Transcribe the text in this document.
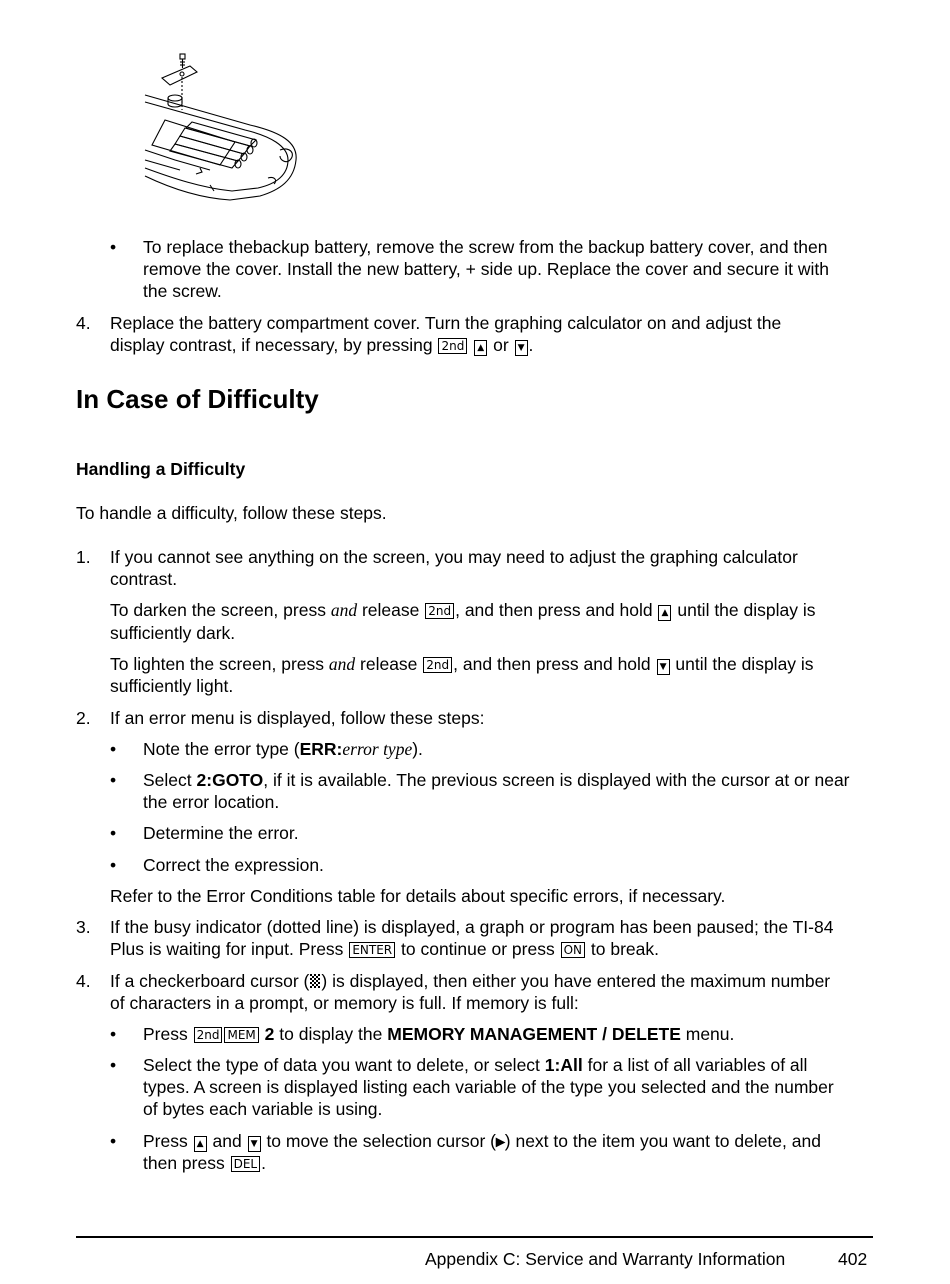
• To replace thebackup battery, remove the screw from the backup battery cover, and then
remove the cover. Install the new battery, + side up. Replace the cover and secure it with
the screw.
4. Replace the battery compartment cover. Turn the graphing calculator on and adjust the
display contrast, if necessary, by pressing 2nd ▲ or ▼ .
In Case of Difficulty
Handling a Difficulty
To handle a difficulty, follow these steps.
1. If you cannot see anything on the screen, you may need to adjust the graphing calculator
contrast.
To darken the screen, press and release 2nd , and then press and hold ▲ until the display is
sufficiently dark.
To lighten the screen, press and release 2nd , and then press and hold ▼ until the display is
sufficiently light.
2. If an error menu is displayed, follow these steps:
• Note the error type (ERR:error type).
• Select 2:GOTO, if it is available. The previous screen is displayed with the cursor at or near
the error location.
• Determine the error.
• Correct the expression.
Refer to the Error Conditions table for details about specific errors, if necessary.
3. If the busy indicator (dotted line) is displayed, a graph or program has been paused; the TI-84
Plus is waiting for input. Press ENTER to continue or press ON to break.
4. If a checkerboard cursor ( ) is displayed, then either you have entered the maximum number
of characters in a prompt, or memory is full. If memory is full:
• Press 2nd MEM 2 to display the MEMORY MANAGEMENT / DELETE menu.
• Select the type of data you want to delete, or select 1:All for a list of all variables of all
types. A screen is displayed listing each variable of the type you selected and the number
of bytes each variable is using.
• Press ▲ and ▼ to move the selection cursor (▸) next to the item you want to delete, and
then press DEL .
Appendix C: Service and Warranty Information	402
